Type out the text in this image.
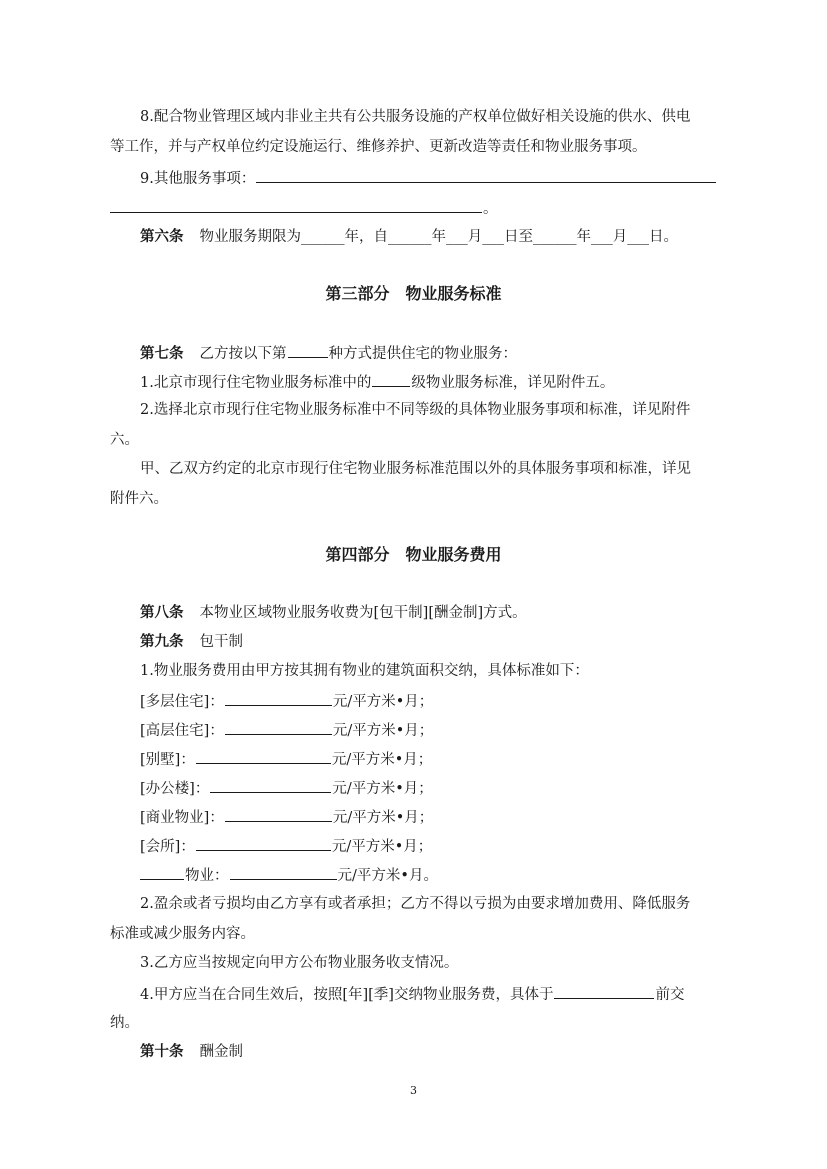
8.配合物业管理区域内非业主共有公共服务设施的产权单位做好相关设施的供水、供电
等工作，并与产权单位约定设施运行、维修养护、更新改造等责任和物业服务事项。
9.其他服务事项：
。
第六条 物业服务期限为______年，自______年___月___日至______年___月___日。
第三部分　物业服务标准
第七条 乙方按以下第	种方式提供住宅的物业服务：
1.北京市现行住宅物业服务标准中的	级物业服务标准，详见附件五。
2.选择北京市现行住宅物业服务标准中不同等级的具体物业服务事项和标准，详见附件
六。
甲、乙双方约定的北京市现行住宅物业服务标准范围以外的具体服务事项和标准，详见
附件六。
第四部分　物业服务费用
第八条 本物业区域物业服务收费为[包干制][酬金制]方式。
第九条 包干制
1.物业服务费用由甲方按其拥有物业的建筑面积交纳，具体标准如下：
[多层住宅]：	元/平方米•月；
[高层住宅]：	元/平方米•月；
[别墅]：	元/平方米•月；
[办公楼]：	元/平方米•月；
[商业物业]：	元/平方米•月；
[会所]：	元/平方米•月；
物业：	元/平方米•月。
2.盈余或者亏损均由乙方享有或者承担；乙方不得以亏损为由要求增加费用、降低服务
标准或减少服务内容。
3.乙方应当按规定向甲方公布物业服务收支情况。
4.甲方应当在合同生效后，按照[年][季]交纳物业服务费，具体于	前交
纳。
第十条 酬金制
3
